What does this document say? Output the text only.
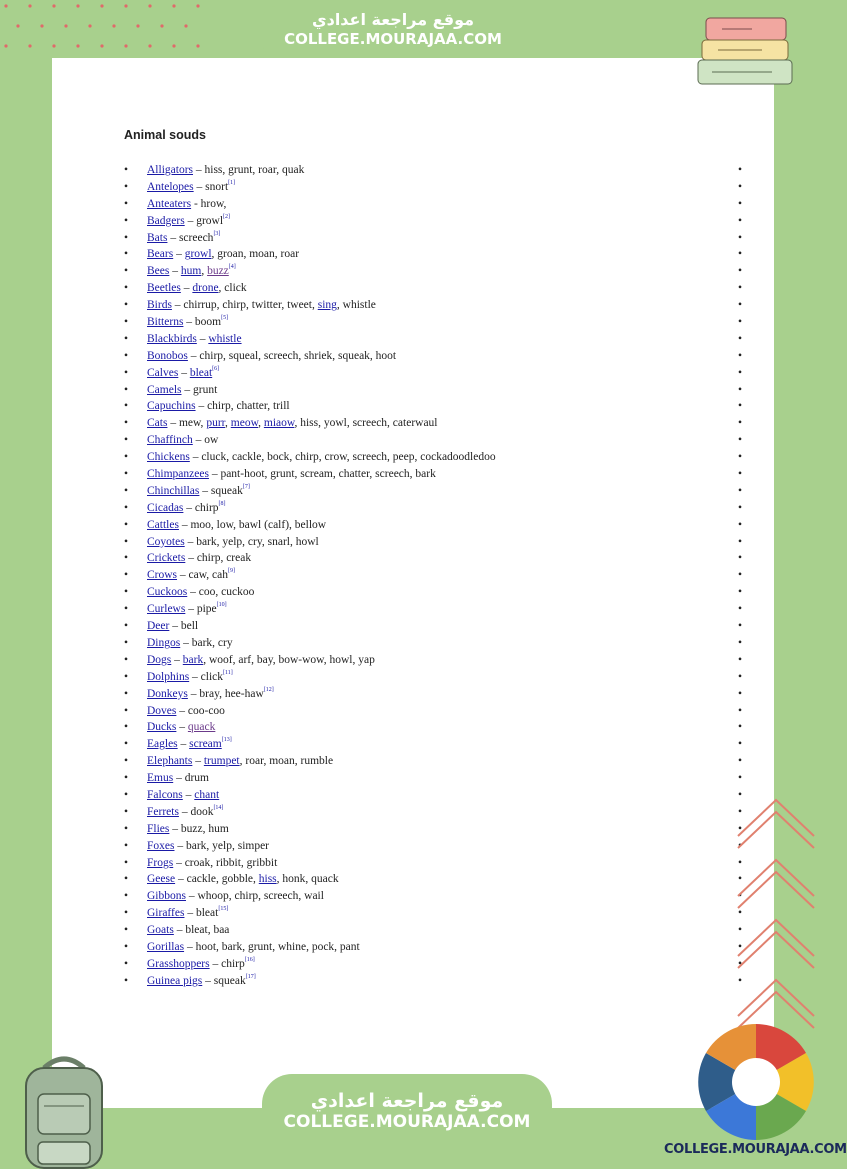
موقع مراجعة اعدادي
COLLEGE.MOURAJAA.COM
Animal souds
• Alligators – hiss, grunt, roar, quak •
• Antelopes – snort[1] •
• Anteaters - hrow, •
• Badgers – growl[2] •
• Bats – screech[3] •
• Bears – growl, groan, moan, roar •
• Bees – hum, buzz[4] •
• Beetles – drone, click •
• Birds – chirrup, chirp, twitter, tweet, sing, whistle •
• Bitterns – boom[5] •
• Blackbirds – whistle •
• Bonobos – chirp, squeal, screech, shriek, squeak, hoot •
• Calves – bleat[6] •
• Camels – grunt •
• Capuchins – chirp, chatter, trill •
• Cats – mew, purr, meow, miaow, hiss, yowl, screech, caterwaul •
• Chaffinch – ow •
• Chickens – cluck, cackle, bock, chirp, crow, screech, peep, cockadoodledoo •
• Chimpanzees – pant-hoot, grunt, scream, chatter, screech, bark •
• Chinchillas – squeak[7] •
• Cicadas – chirp[8] •
• Cattles – moo, low, bawl (calf), bellow •
• Coyotes – bark, yelp, cry, snarl, howl •
• Crickets – chirp, creak •
• Crows – caw, cah[9] •
• Cuckoos – coo, cuckoo •
• Curlews – pipe[10] •
• Deer – bell •
• Dingos – bark, cry •
• Dogs – bark, woof, arf, bay, bow-wow, howl, yap •
• Dolphins – click[11] •
• Donkeys – bray, hee-haw[12] •
• Doves – coo-coo •
• Ducks – quack •
• Eagles – scream[13] •
• Elephants – trumpet, roar, moan, rumble •
• Emus – drum •
• Falcons – chant •
• Ferrets – dook[14] •
• Flies – buzz, hum •
• Foxes – bark, yelp, simper •
• Frogs – croak, ribbit, gribbit •
• Geese – cackle, gobble, hiss, honk, quack •
• Gibbons – whoop, chirp, screech, wail •
• Giraffes – bleat[15] •
• Goats – bleat, baa •
• Gorillas – hoot, bark, grunt, whine, pock, pant •
• Grasshoppers – chirp[16] •
• Guinea pigs – squeak[17] •
موقع مراجعة اعدادي
COLLEGE.MOURAJAA.COM
COLLEGE.MOURAJAA.COM
